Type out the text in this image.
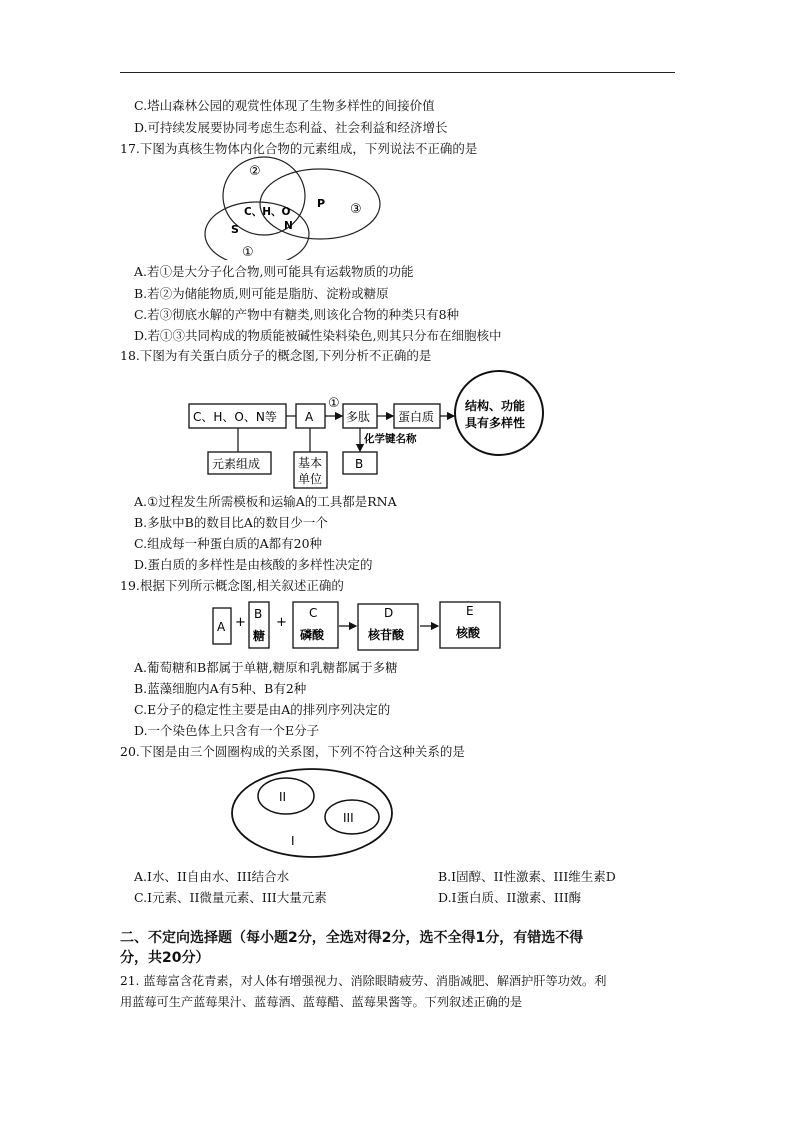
C.塔山森林公园的观赏性体现了生物多样性的间接价值
D.可持续发展要协同考虑生态利益、社会利益和经济增长
17.下图为真核生物体内化合物的元素组成，下列说法不正确的是
②
C、H、O
N
P ③
S
①
A.若①是大分子化合物,则可能具有运载物质的功能
B.若②为储能物质,则可能是脂肪、淀粉或糖原
C.若③彻底水解的产物中有糖类,则该化合物的种类只有8种
D.若①③共同构成的物质能被碱性染料染色,则其只分布在细胞核中
18.下图为有关蛋白质分子的概念图,下列分析不正确的是
C、H、O、N等 A
①
多肽 蛋白质
结构、功能
具有多样性
元素组成	基本
单位
化学键名称
B
A.①过程发生所需模板和运输A的工具都是RNA
B.多肽中B的数目比A的数目少一个
C.组成每一种蛋白质的A都有20种
D.蛋白质的多样性是由核酸的多样性决定的
19.根据下列所示概念图,相关叙述正确的
A +
B
糖
+
C
磷酸
D
核苷酸
E
核酸
A.葡萄糖和B都属于单糖,糖原和乳糖都属于多糖
B.蓝藻细胞内A有5种、B有2种
C.E分子的稳定性主要是由A的排列序列决定的
D.一个染色体上只含有一个E分子
20.下图是由三个圆圈构成的关系图，下列不符合这种关系的是
II
III
I
A.I水、II自由水、III结合水	B.I固醇、II性激素、III维生素D
C.I元素、II微量元素、III大量元素	D.I蛋白质、II激素、III酶
二、不定向选择题（每小题2分，全选对得2分，选不全得1分，有错选不得
分，共20分）
21. 蓝莓富含花青素，对人体有增强视力、消除眼睛疲劳、消脂减肥、解酒护肝等功效。利
用蓝莓可生产蓝莓果汁、蓝莓酒、蓝莓醋、蓝莓果酱等。下列叙述正确的是
